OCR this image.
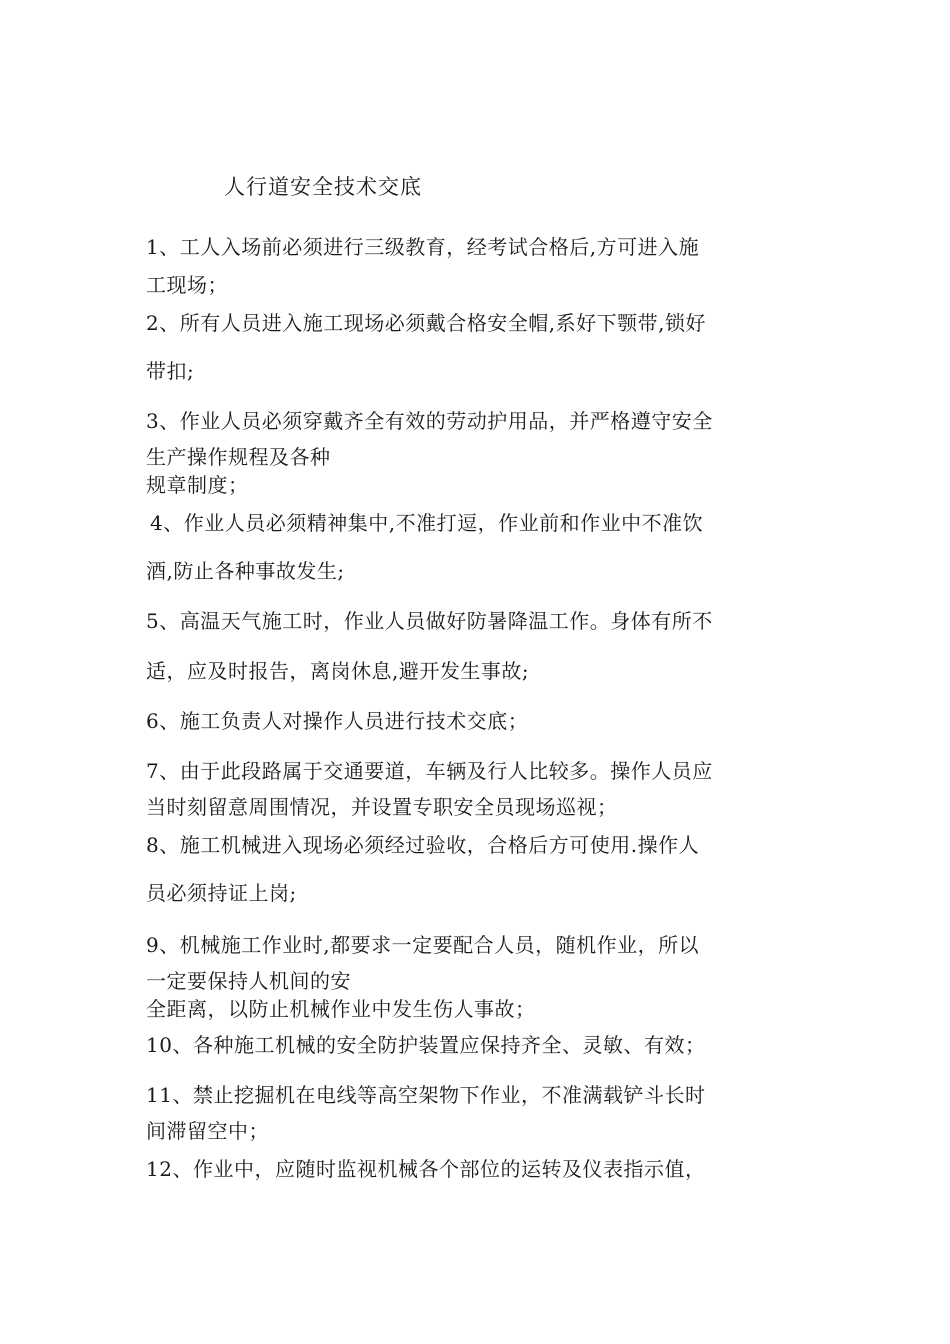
人行道安全技术交底
1、工人入场前必须进行三级教育，经考试合格后,方可进入施
工现场；
2、所有人员进入施工现场必须戴合格安全帽,系好下颚带,锁好
带扣;
3、作业人员必须穿戴齐全有效的劳动护用品，并严格遵守安全
生产操作规程及各种
规章制度；
4、作业人员必须精神集中,不准打逗，作业前和作业中不准饮
酒,防止各种事故发生;
5、高温天气施工时，作业人员做好防暑降温工作。身体有所不
适，应及时报告，离岗休息,避开发生事故;
6、施工负责人对操作人员进行技术交底；
7、由于此段路属于交通要道，车辆及行人比较多。操作人员应
当时刻留意周围情况，并设置专职安全员现场巡视；
8、施工机械进入现场必须经过验收，合格后方可使用.操作人
员必须持证上岗;
9、机械施工作业时,都要求一定要配合人员，随机作业，所以
一定要保持人机间的安
全距离，以防止机械作业中发生伤人事故；
10、各种施工机械的安全防护装置应保持齐全、灵敏、有效；
11、禁止挖掘机在电线等高空架物下作业，不准满载铲斗长时
间滞留空中；
12、作业中，应随时监视机械各个部位的运转及仪表指示值，
